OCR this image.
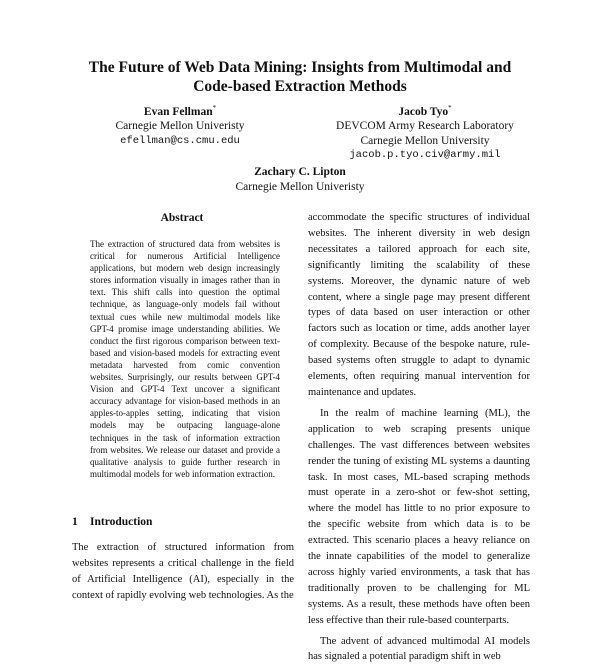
The Future of Web Data Mining: Insights from Multimodal and
Code-based Extraction Methods
Evan Fellman*
Carnegie Mellon Univeristy
efellman@cs.cmu.edu
Jacob Tyo*
DEVCOM Army Research Laboratory
Carnegie Mellon University
jacob.p.tyo.civ@army.mil
Zachary C. Lipton
Carnegie Mellon Univeristy
Abstract
The extraction of structured data from websites is critical for numerous Artificial Intelligence applications, but modern web design increasingly stores information visually in images rather than in text. This shift calls into question the optimal technique, as language-only models fail without textual cues while new multimodal models like GPT-4 promise image understanding abilities. We conduct the first rigorous comparison between text-based and vision-based models for extracting event metadata harvested from comic convention websites. Surprisingly, our results between GPT-4 Vision and GPT-4 Text uncover a significant accuracy advantage for vision-based methods in an apples-to-apples setting, indicating that vision models may be outpacing language-alone techniques in the task of information extraction from websites. We release our dataset and provide a qualitative analysis to guide further research in multimodal models for web information extraction.
1 Introduction
The extraction of structured information from websites represents a critical challenge in the field of Artificial Intelligence (AI), especially in the context of rapidly evolving web technologies. As the

accommodate the specific structures of individual websites. The inherent diversity in web design necessitates a tailored approach for each site, significantly limiting the scalability of these systems. Moreover, the dynamic nature of web content, where a single page may present different types of data based on user interaction or other factors such as location or time, adds another layer of complexity. Because of the bespoke nature, rule-based systems often struggle to adapt to dynamic elements, often requiring manual intervention for maintenance and updates.

In the realm of machine learning (ML), the application to web scraping presents unique challenges. The vast differences between websites render the tuning of existing ML systems a daunting task. In most cases, ML-based scraping methods must operate in a zero-shot or few-shot setting, where the model has little to no prior exposure to the specific website from which data is to be extracted. This scenario places a heavy reliance on the innate capabilities of the model to generalize across highly varied environments, a task that has traditionally proven to be challenging for ML systems. As a result, these methods have often been less effective than their rule-based counterparts.

The advent of advanced multimodal AI models has signaled a potential paradigm shift in web
